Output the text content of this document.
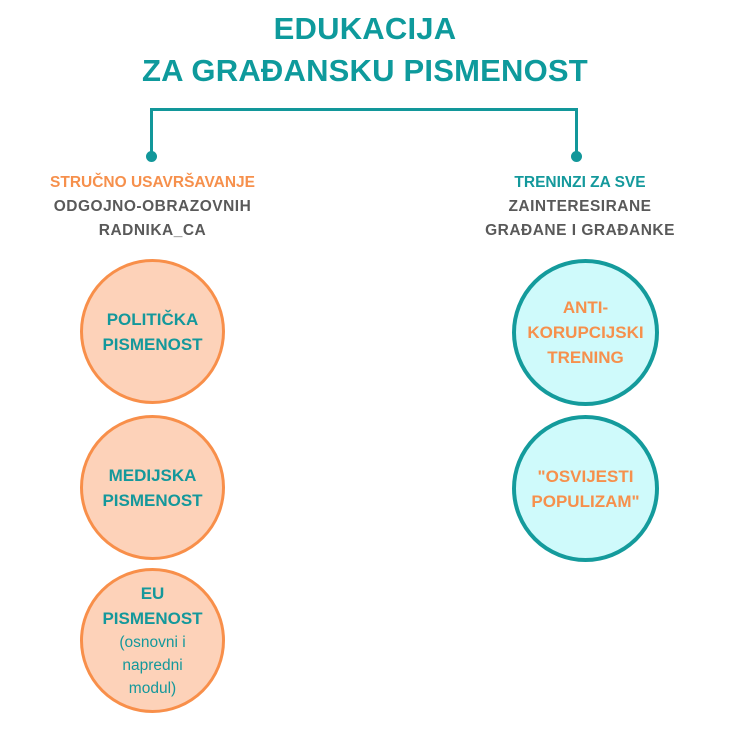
EDUKACIJA
ZA GRAĐANSKU PISMENOST
STRUČNO USAVRŠAVANJE
ODGOJNO-OBRAZOVNIH
RADNIKA_CA
TRENINZI ZA SVE
ZAINTERESIRANE
GRAĐANE I GRAĐANKE
POLITIČKA
PISMENOST
MEDIJSKA
PISMENOST
EU
PISMENOST
(osnovni i
napredni
modul)
ANTI-
KORUPCIJSKI
TRENING
"OSVIJESTI
POPULIZAM"
